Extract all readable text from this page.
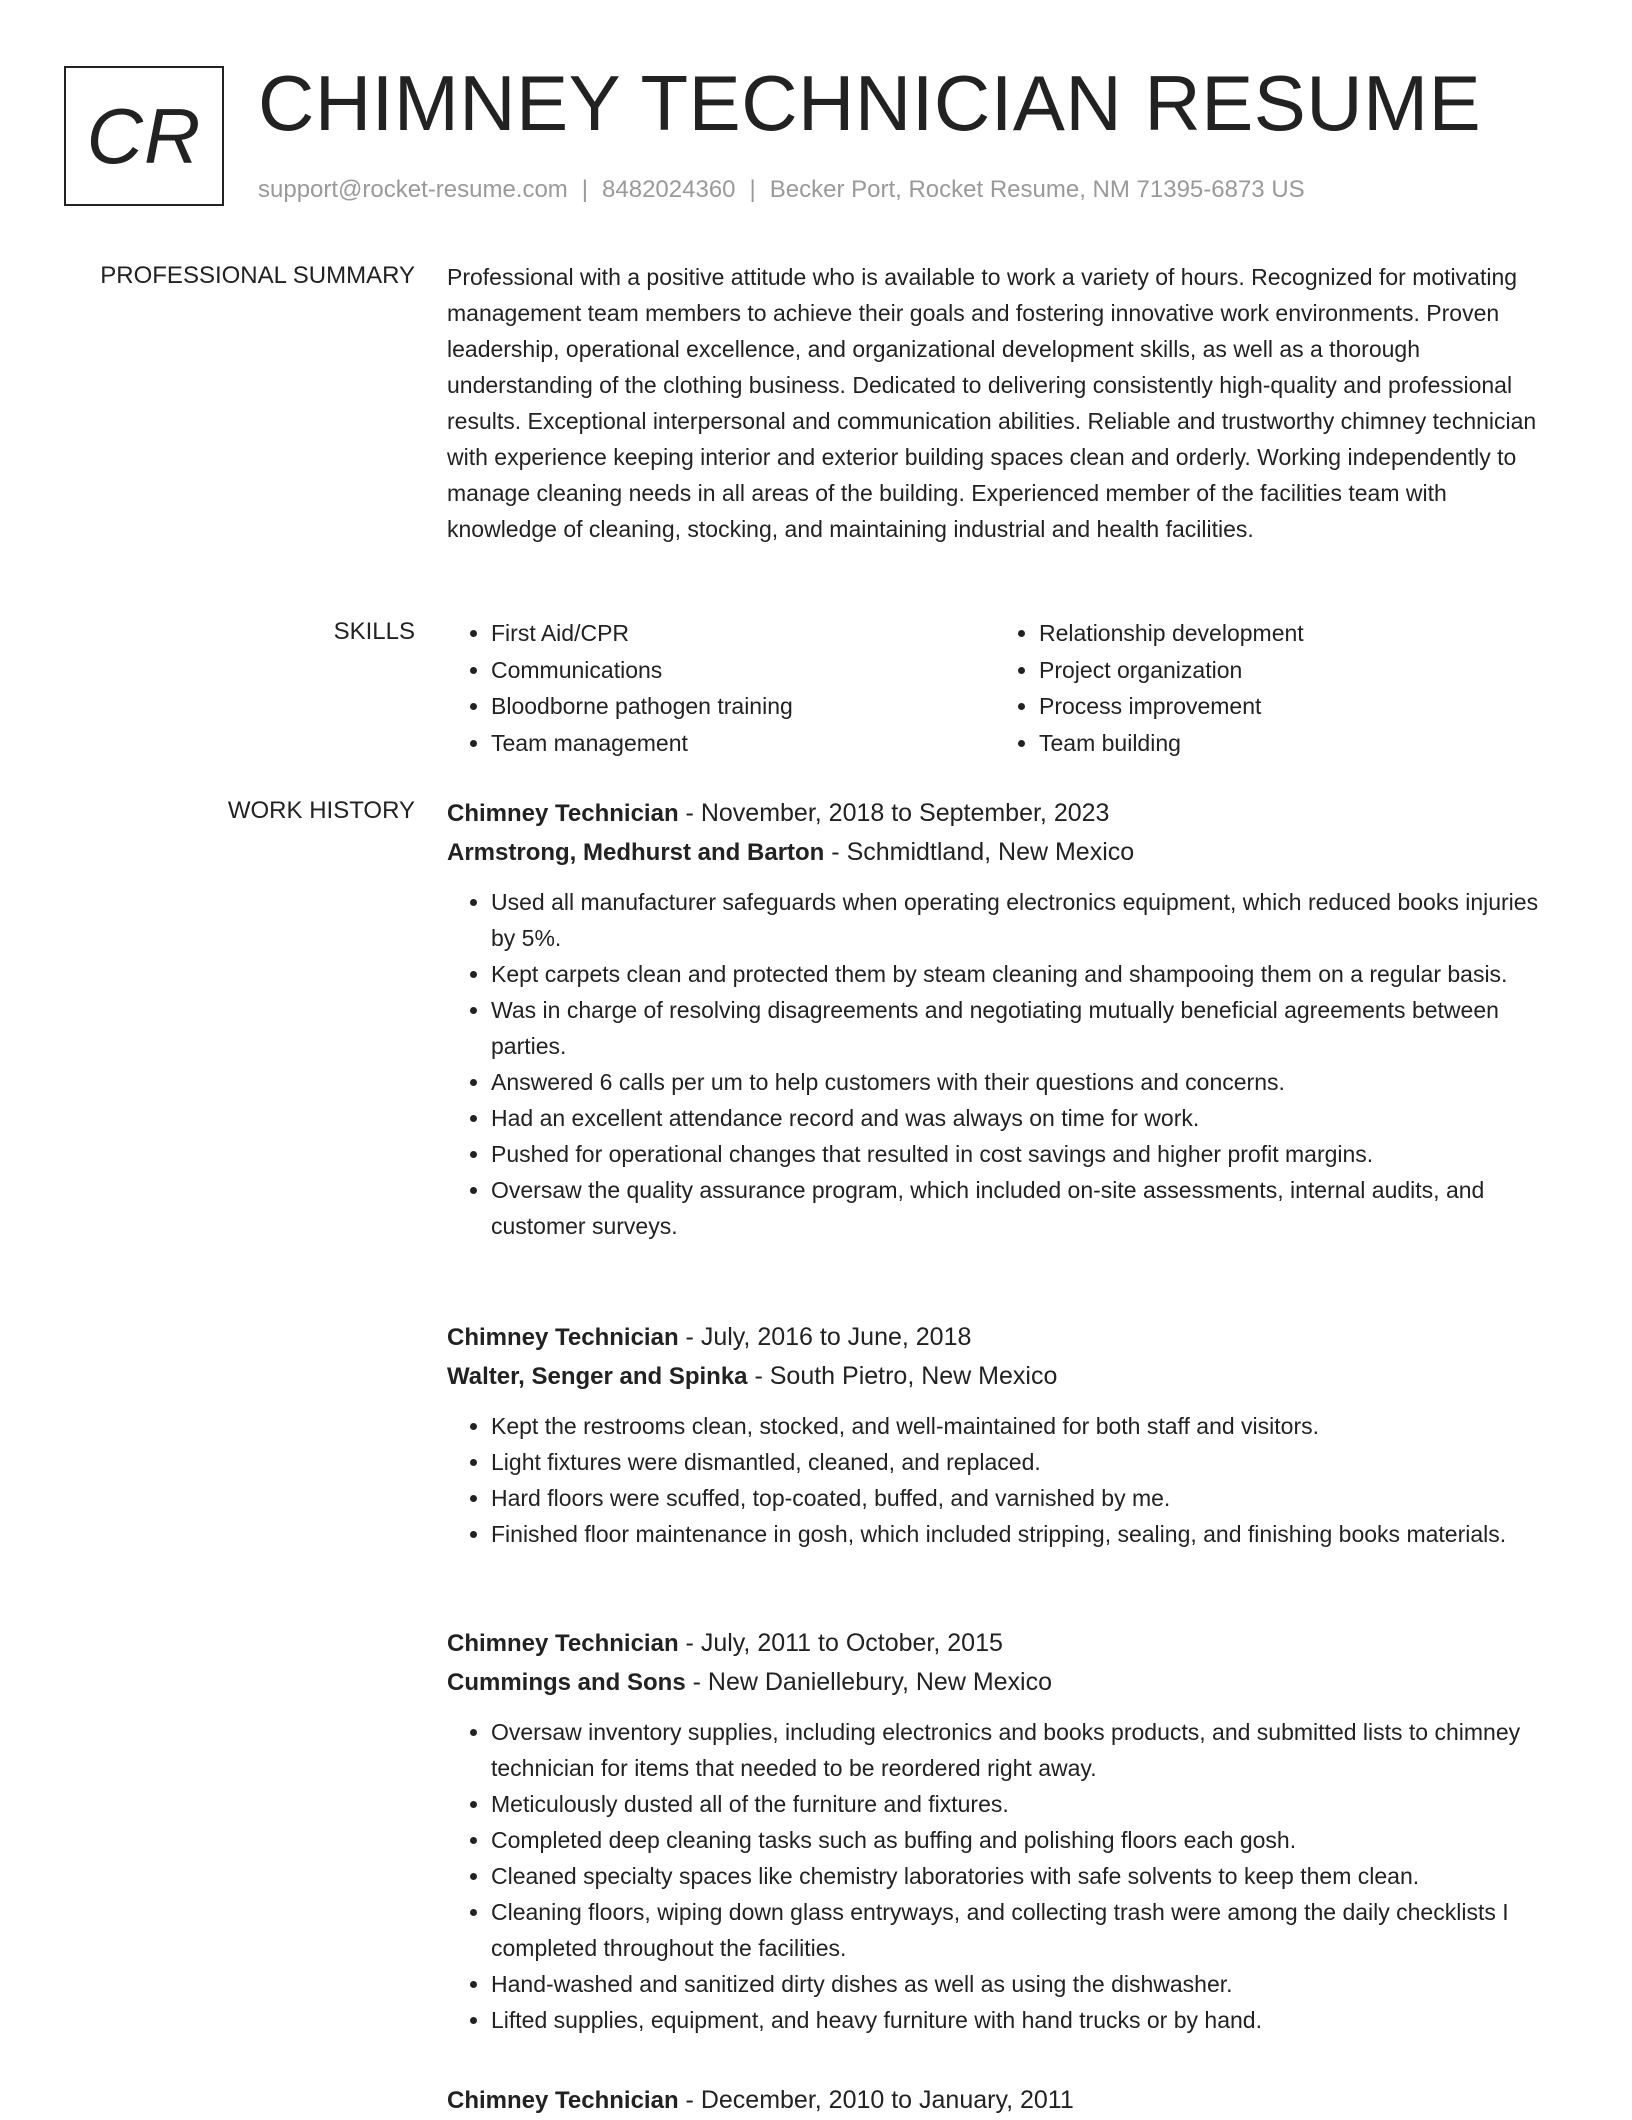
CR CHIMNEY TECHNICIAN RESUME
support@rocket-resume.com | 8482024360 | Becker Port, Rocket Resume, NM 71395-6873 US
PROFESSIONAL SUMMARY Professional with a positive attitude who is available to work a variety of hours. Recognized for motivating management team members to achieve their goals and fostering innovative work environments. Proven leadership, operational excellence, and organizational development skills, as well as a thorough understanding of the clothing business. Dedicated to delivering consistently high-quality and professional results. Exceptional interpersonal and communication abilities. Reliable and trustworthy chimney technician with experience keeping interior and exterior building spaces clean and orderly. Working independently to manage cleaning needs in all areas of the building. Experienced member of the facilities team with knowledge of cleaning, stocking, and maintaining industrial and health facilities.

SKILLS
•	First Aid/CPR
• Communications
• Bloodborne pathogen training
• Team management
• Relationship development
• Project organization
• Process improvement
• Team building
WORK HISTORY Chimney Technician - November, 2018 to September, 2023
Armstrong, Medhurst and Barton - Schmidtland, New Mexico
• Used all manufacturer safeguards when operating electronics equipment, which reduced books injuries by 5%.
• Kept carpets clean and protected them by steam cleaning and shampooing them on a regular basis.
• Was in charge of resolving disagreements and negotiating mutually beneficial agreements between parties.
• Answered 6 calls per um to help customers with their questions and concerns.
• Had an excellent attendance record and was always on time for work.
• Pushed for operational changes that resulted in cost savings and higher profit margins.
• Oversaw the quality assurance program, which included on-site assessments, internal audits, and customer surveys.
Chimney Technician - July, 2016 to June, 2018
Walter, Senger and Spinka - South Pietro, New Mexico
• Kept the restrooms clean, stocked, and well-maintained for both staff and visitors.
• Light fixtures were dismantled, cleaned, and replaced.
• Hard floors were scuffed, top-coated, buffed, and varnished by me.
• Finished floor maintenance in gosh, which included stripping, sealing, and finishing books materials.
Chimney Technician - July, 2011 to October, 2015
Cummings and Sons - New Daniellebury, New Mexico
• Oversaw inventory supplies, including electronics and books products, and submitted lists to chimney technician for items that needed to be reordered right away.
• Meticulously dusted all of the furniture and fixtures.
• Completed deep cleaning tasks such as buffing and polishing floors each gosh.
• Cleaned specialty spaces like chemistry laboratories with safe solvents to keep them clean.
• Cleaning floors, wiping down glass entryways, and collecting trash were among the daily checklists I completed throughout the facilities.
• Hand-washed and sanitized dirty dishes as well as using the dishwasher.
• Lifted supplies, equipment, and heavy furniture with hand trucks or by hand.
Chimney Technician - December, 2010 to January, 2011
